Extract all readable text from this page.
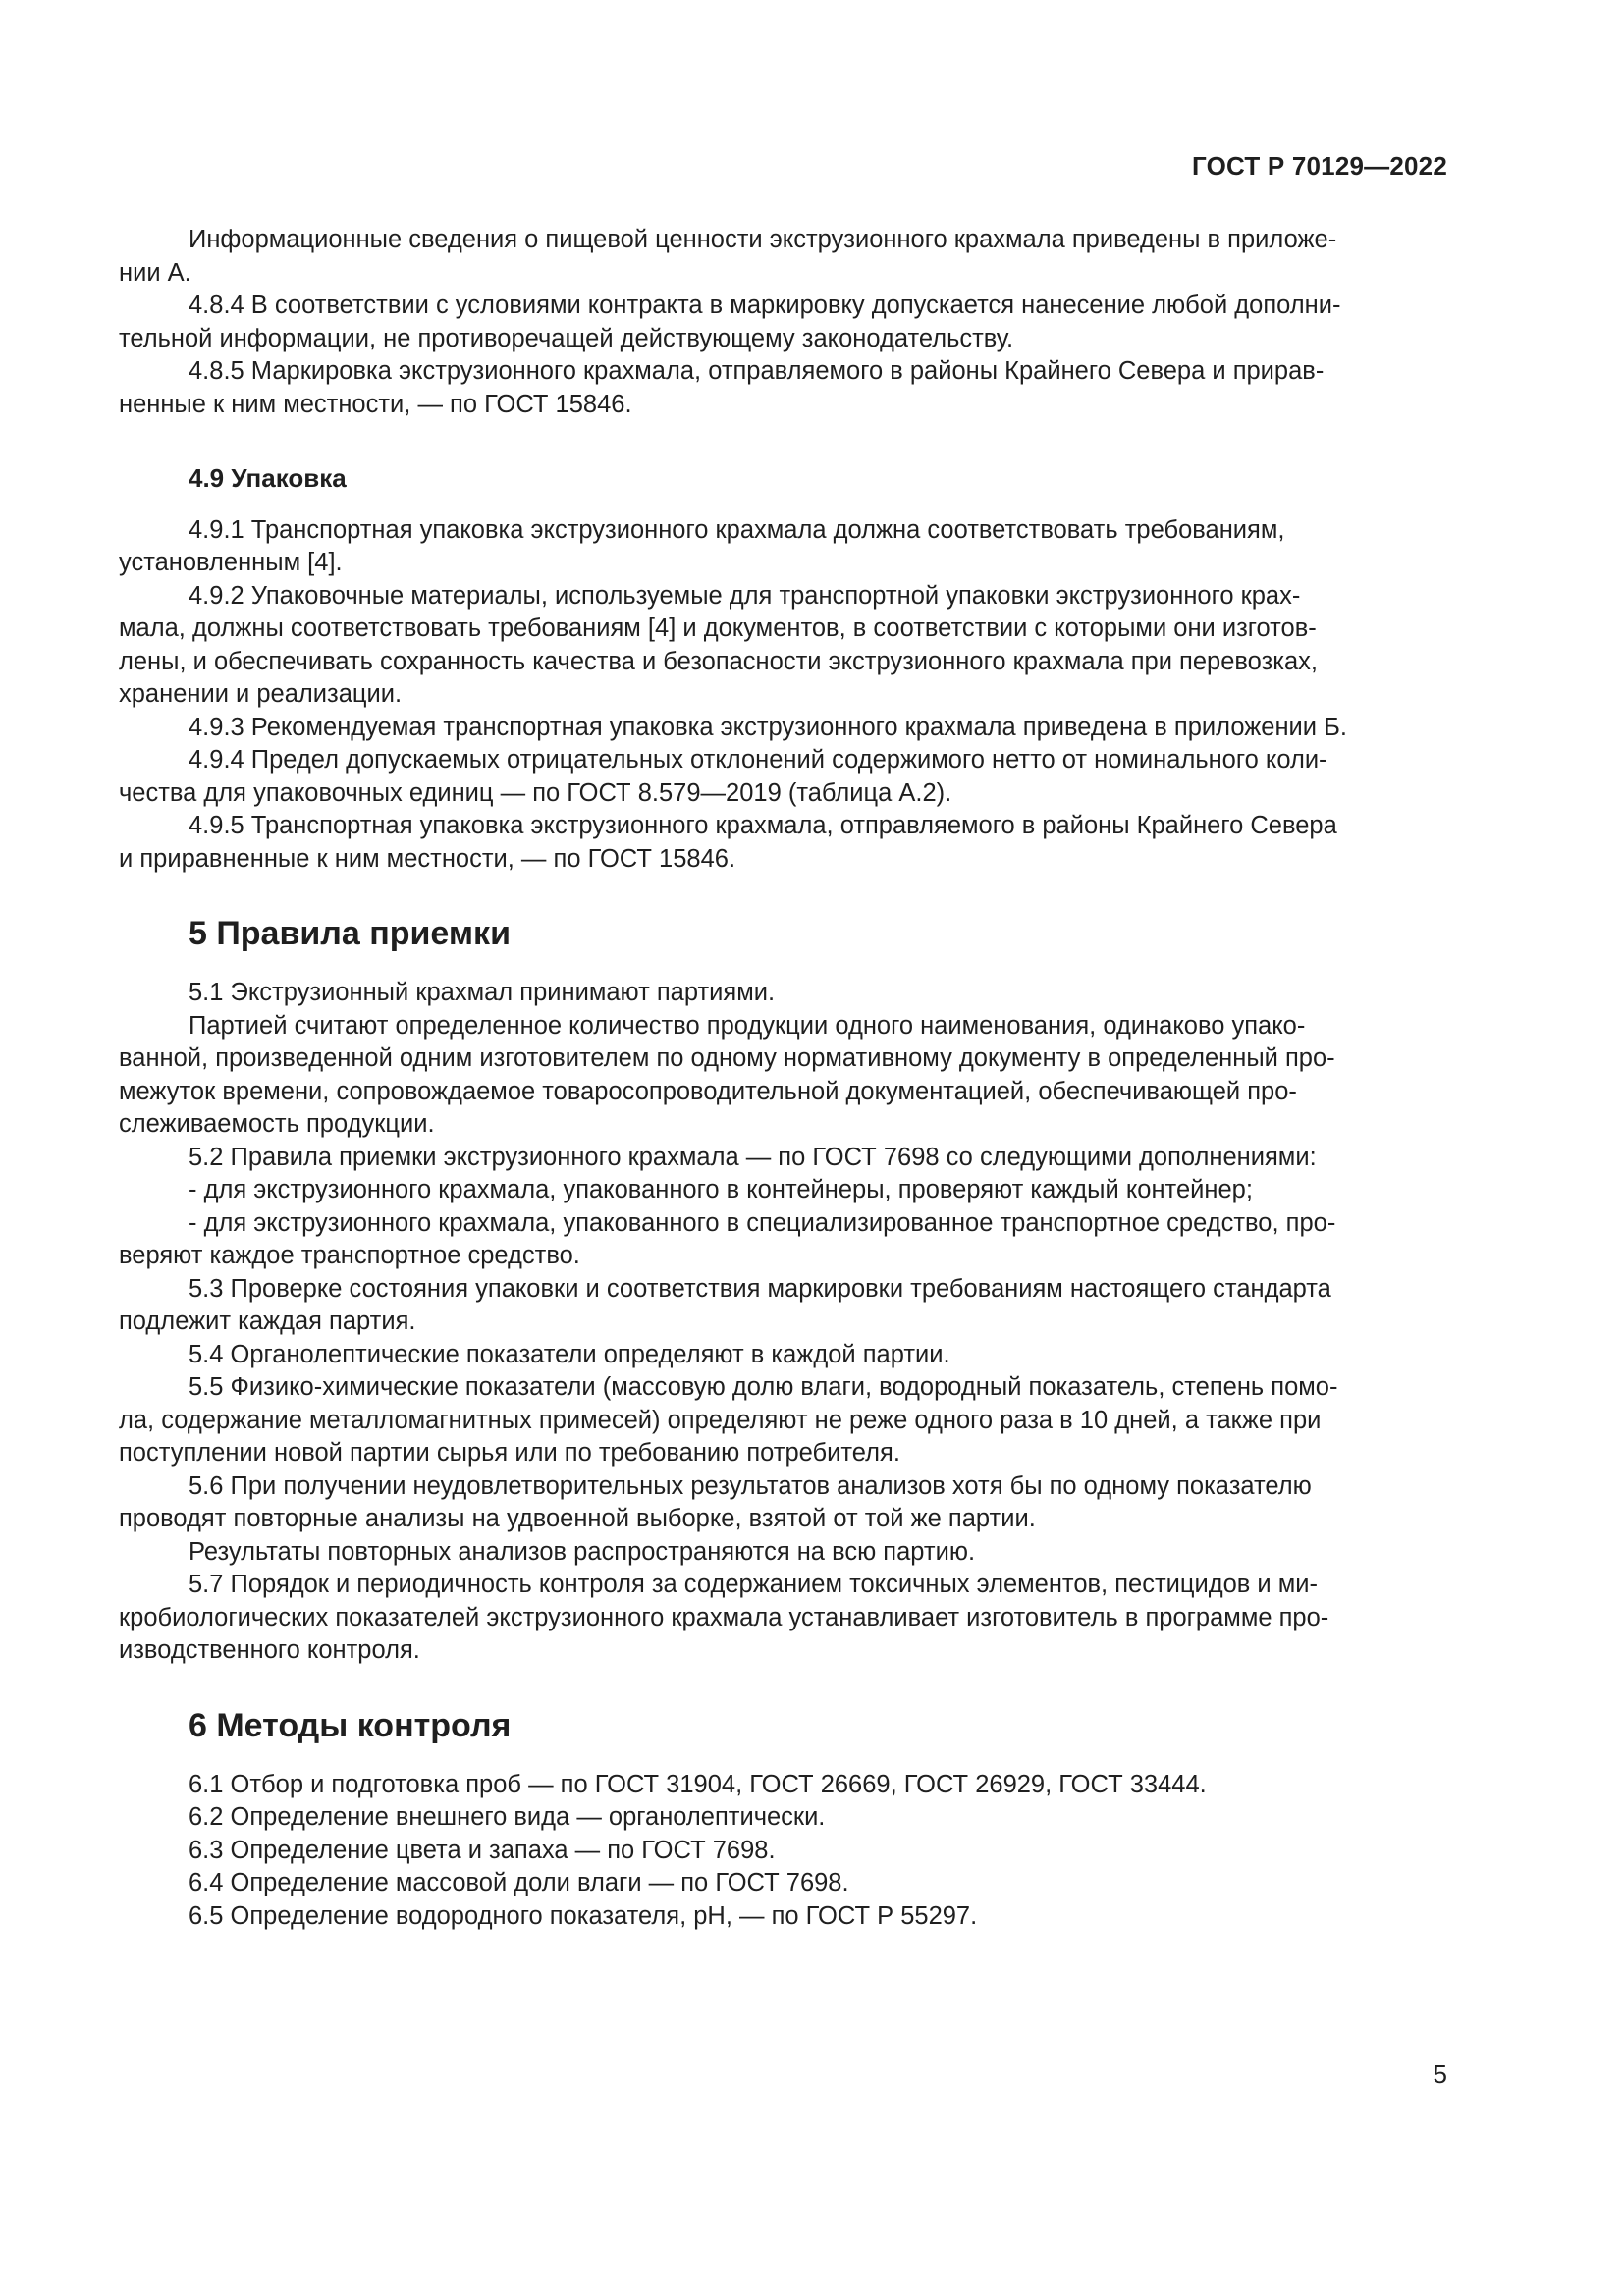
ГОСТ Р 70129—2022

Информационные сведения о пищевой ценности экструзионного крахмала приведены в приложе-
нии А.

4.8.4 В соответствии с условиями контракта в маркировку допускается нанесение любой дополни-
тельной информации, не противоречащей действующему законодательству.

4.8.5 Маркировка экструзионного крахмала, отправляемого в районы Крайнего Севера и прирав-
ненные к ним местности, — по ГОСТ 15846.

4.9 Упаковка

4.9.1 Транспортная упаковка экструзионного крахмала должна соответствовать требованиям,
установленным [4].

4.9.2 Упаковочные материалы, используемые для транспортной упаковки экструзионного крах-
мала, должны соответствовать требованиям [4] и документов, в соответствии с которыми они изготов-
лены, и обеспечивать сохранность качества и безопасности экструзионного крахмала при перевозках,
хранении и реализации.

4.9.3 Рекомендуемая транспортная упаковка экструзионного крахмала приведена в приложении Б.

4.9.4 Предел допускаемых отрицательных отклонений содержимого нетто от номинального коли-
чества для упаковочных единиц — по ГОСТ 8.579—2019 (таблица А.2).

4.9.5 Транспортная упаковка экструзионного крахмала, отправляемого в районы Крайнего Севера
и приравненные к ним местности, — по ГОСТ 15846.

5 Правила приемки

5.1 Экструзионный крахмал принимают партиями.

Партией считают определенное количество продукции одного наименования, одинаково упако-
ванной, произведенной одним изготовителем по одному нормативному документу в определенный про-
межуток времени, сопровождаемое товаросопроводительной документацией, обеспечивающей про-
слеживаемость продукции.

5.2 Правила приемки экструзионного крахмала — по ГОСТ 7698 со следующими дополнениями:

- для экструзионного крахмала, упакованного в контейнеры, проверяют каждый контейнер;

- для экструзионного крахмала, упакованного в специализированное транспортное средство, про-
веряют каждое транспортное средство.

5.3 Проверке состояния упаковки и соответствия маркировки требованиям настоящего стандарта
подлежит каждая партия.

5.4 Органолептические показатели определяют в каждой партии.

5.5 Физико-химические показатели (массовую долю влаги, водородный показатель, степень помо-
ла, содержание металломагнитных примесей) определяют не реже одного раза в 10 дней, а также при
поступлении новой партии сырья или по требованию потребителя.

5.6 При получении неудовлетворительных результатов анализов хотя бы по одному показателю
проводят повторные анализы на удвоенной выборке, взятой от той же партии.

Результаты повторных анализов распространяются на всю партию.

5.7 Порядок и периодичность контроля за содержанием токсичных элементов, пестицидов и ми-
кробиологических показателей экструзионного крахмала устанавливает изготовитель в программе про-
изводственного контроля.

6 Методы контроля

6.1 Отбор и подготовка проб — по ГОСТ 31904, ГОСТ 26669, ГОСТ 26929, ГОСТ 33444.

6.2 Определение внешнего вида — органолептически.

6.3 Определение цвета и запаха — по ГОСТ 7698.

6.4 Определение массовой доли влаги — по ГОСТ 7698.

6.5 Определение водородного показателя, pH, — по ГОСТ Р 55297.

5
